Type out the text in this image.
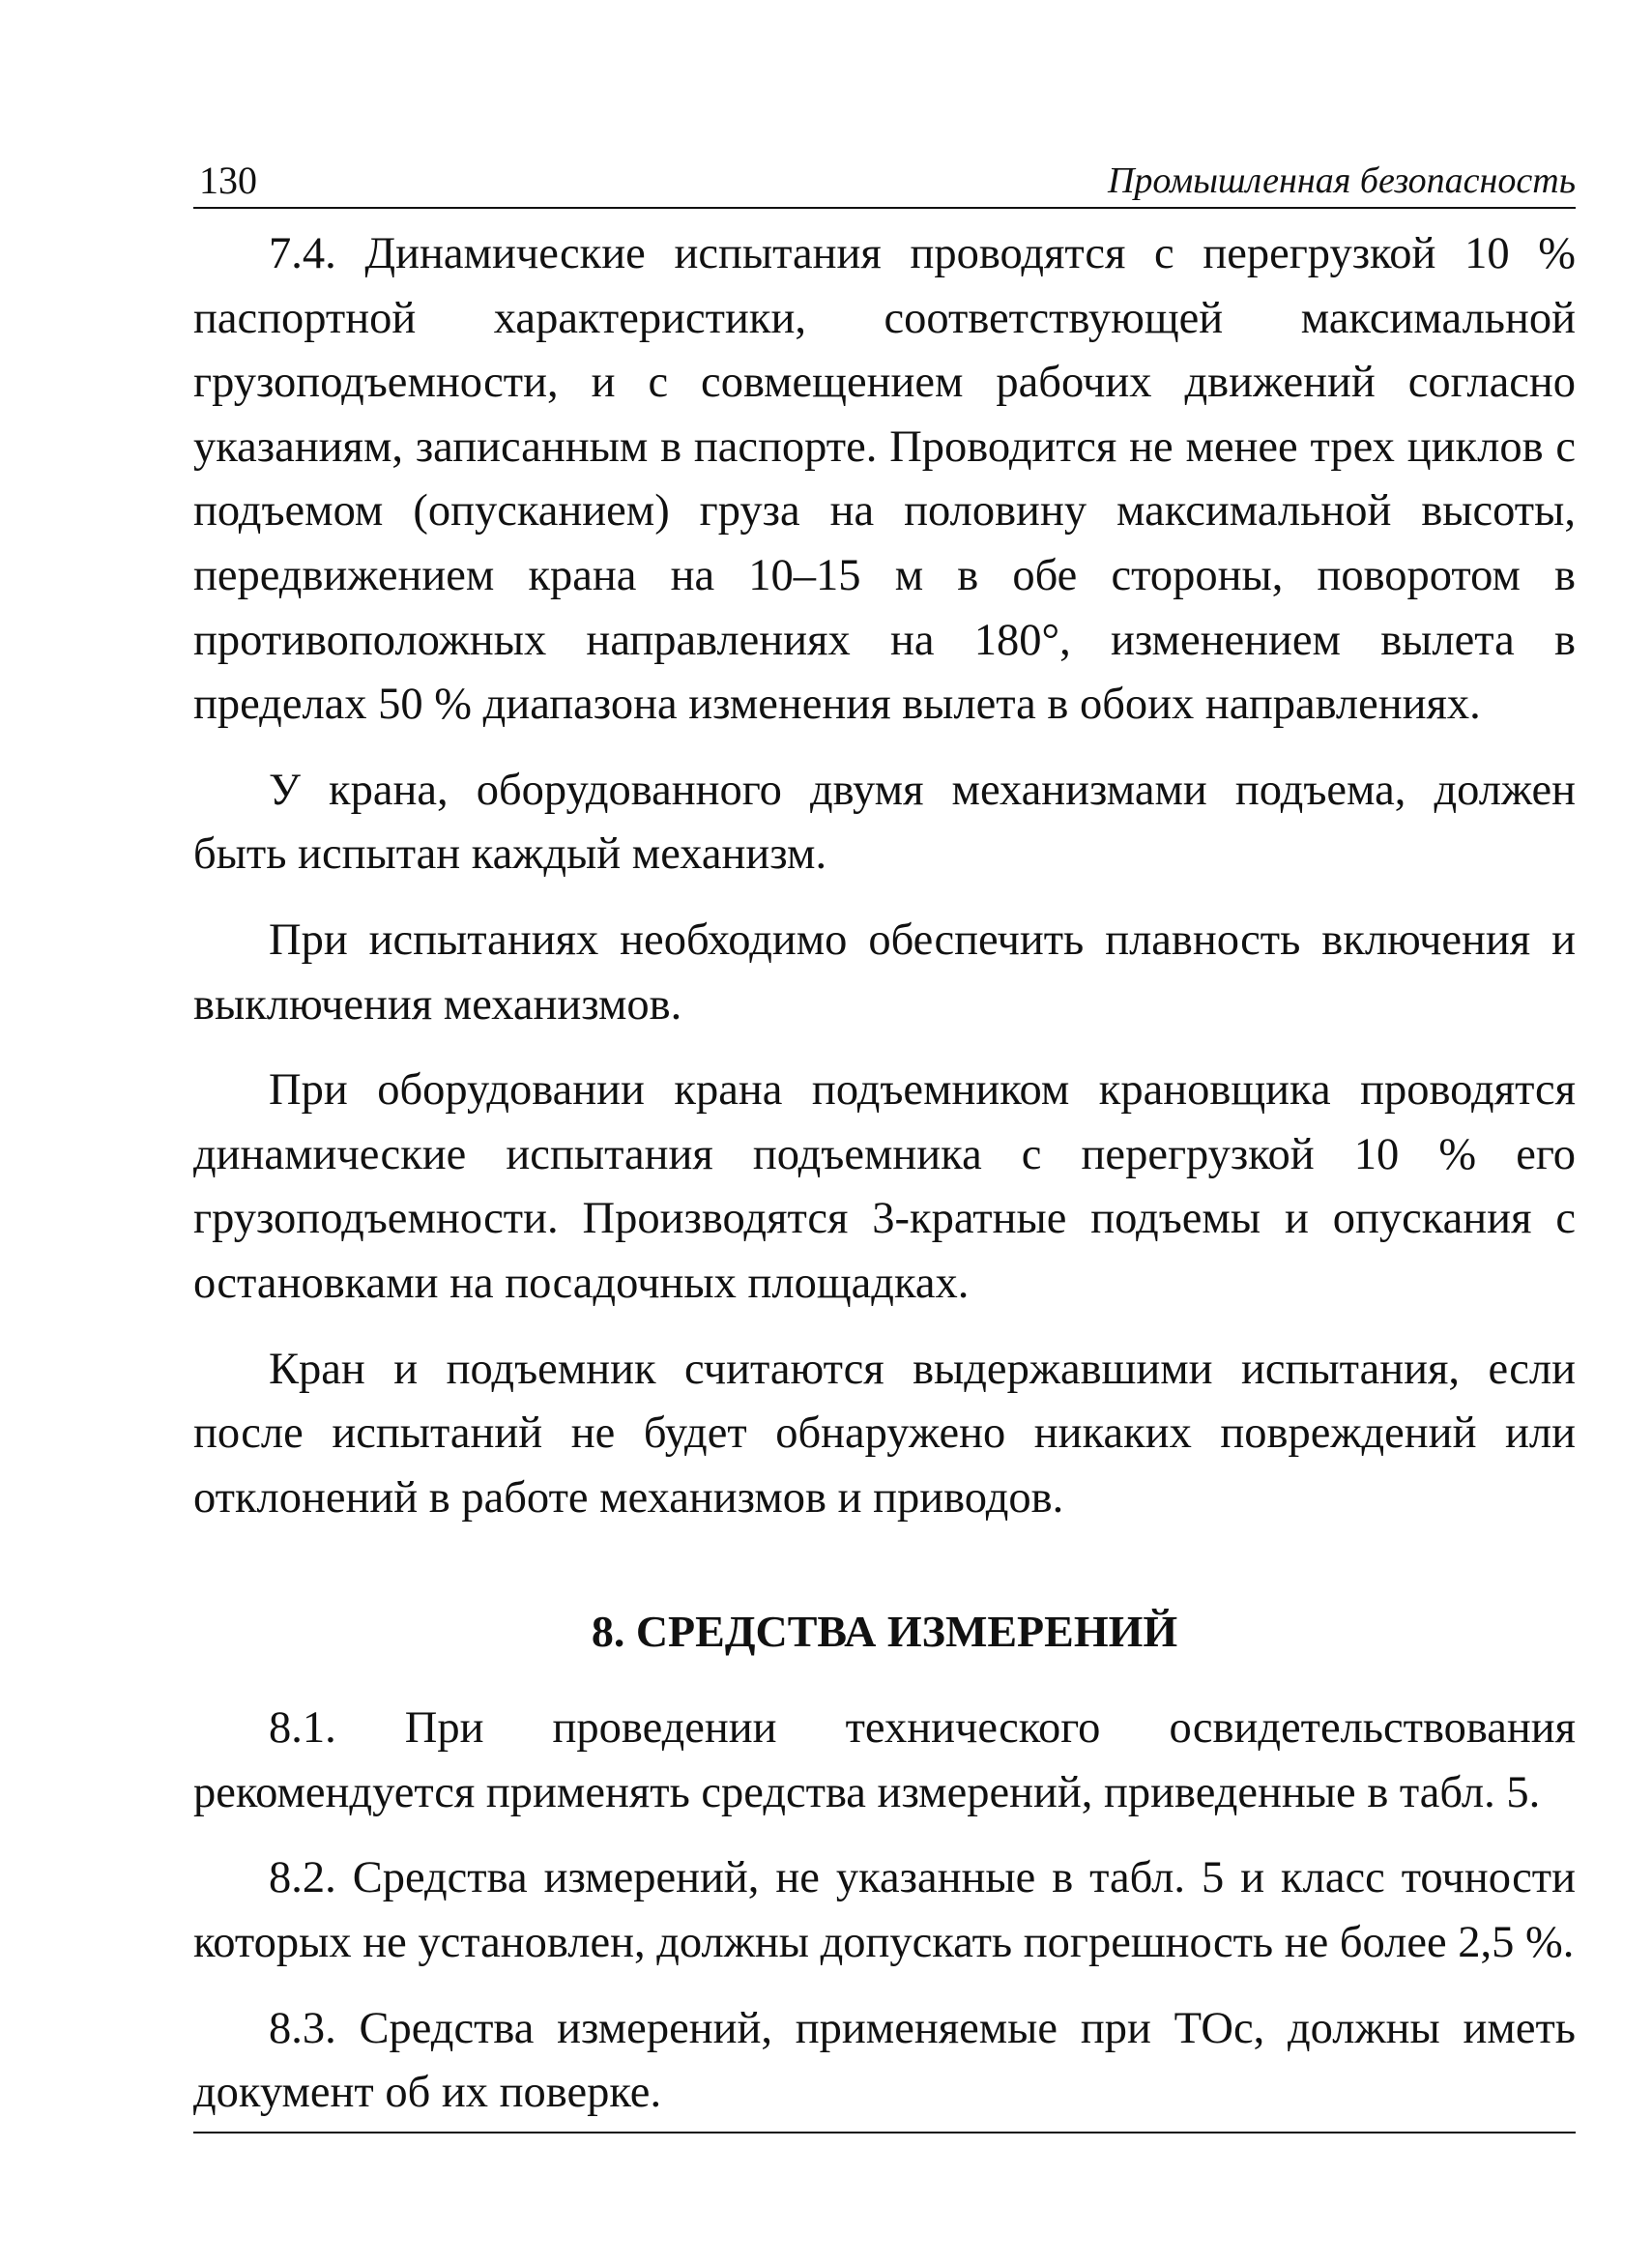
130	Промышленная безопасность

7.4. Динамические испытания проводятся с перегрузкой 10 % паспортной характеристики, соответствующей максимальной грузоподъемности, и с совмещением рабочих движений согласно указаниям, записанным в паспорте. Проводится не менее трех циклов с подъемом (опусканием) груза на половину максимальной высоты, передвижением крана на 10–15 м в обе стороны, поворотом в противоположных направлениях на 180°, изменением вылета в пределах 50 % диапазона изменения вылета в обоих направлениях.

У крана, оборудованного двумя механизмами подъема, должен быть испытан каждый механизм.

При испытаниях необходимо обеспечить плавность включения и выключения механизмов.

При оборудовании крана подъемником крановщика проводятся динамические испытания подъемника с перегрузкой 10 % его грузоподъемности. Производятся 3-кратные подъемы и опускания с остановками на посадочных площадках.

Кран и подъемник считаются выдержавшими испытания, если после испытаний не будет обнаружено никаких повреждений или отклонений в работе механизмов и приводов.

8. СРЕДСТВА ИЗМЕРЕНИЙ

8.1. При проведении технического освидетельствования рекомендуется применять средства измерений, приведенные в табл. 5.

8.2. Средства измерений, не указанные в табл. 5 и класс точности которых не установлен, должны допускать погрешность не более 2,5 %.

8.3. Средства измерений, применяемые при ТОс, должны иметь документ об их поверке.
